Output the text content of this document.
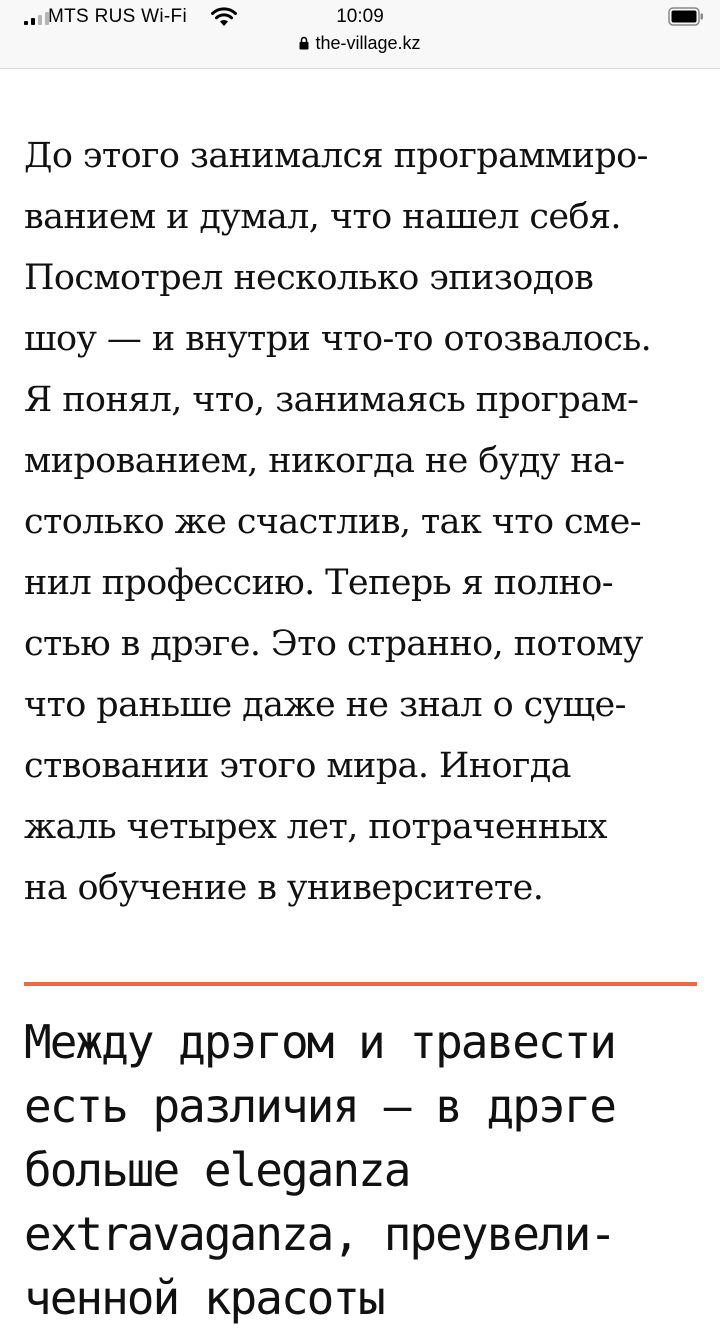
MTS RUS Wi-Fi	10:09
the-village.kz

До этого занимался программиро-
ванием и думал, что нашел себя.
Посмотрел несколько эпизодов
шоу — и внутри что-то отозвалось.
Я понял, что, занимаясь програм-
мированием, никогда не буду на-
столько же счастлив, так что сме-
нил профессию. Теперь я полно-
стью в дрэге. Это странно, потому
что раньше даже не знал о суще-
ствовании этого мира. Иногда
жаль четырех лет, потраченных
на обучение в университете.

Между дрэгом и травести
есть различия — в дрэге
больше eleganza
extravaganza, преувели-
ченной красоты
